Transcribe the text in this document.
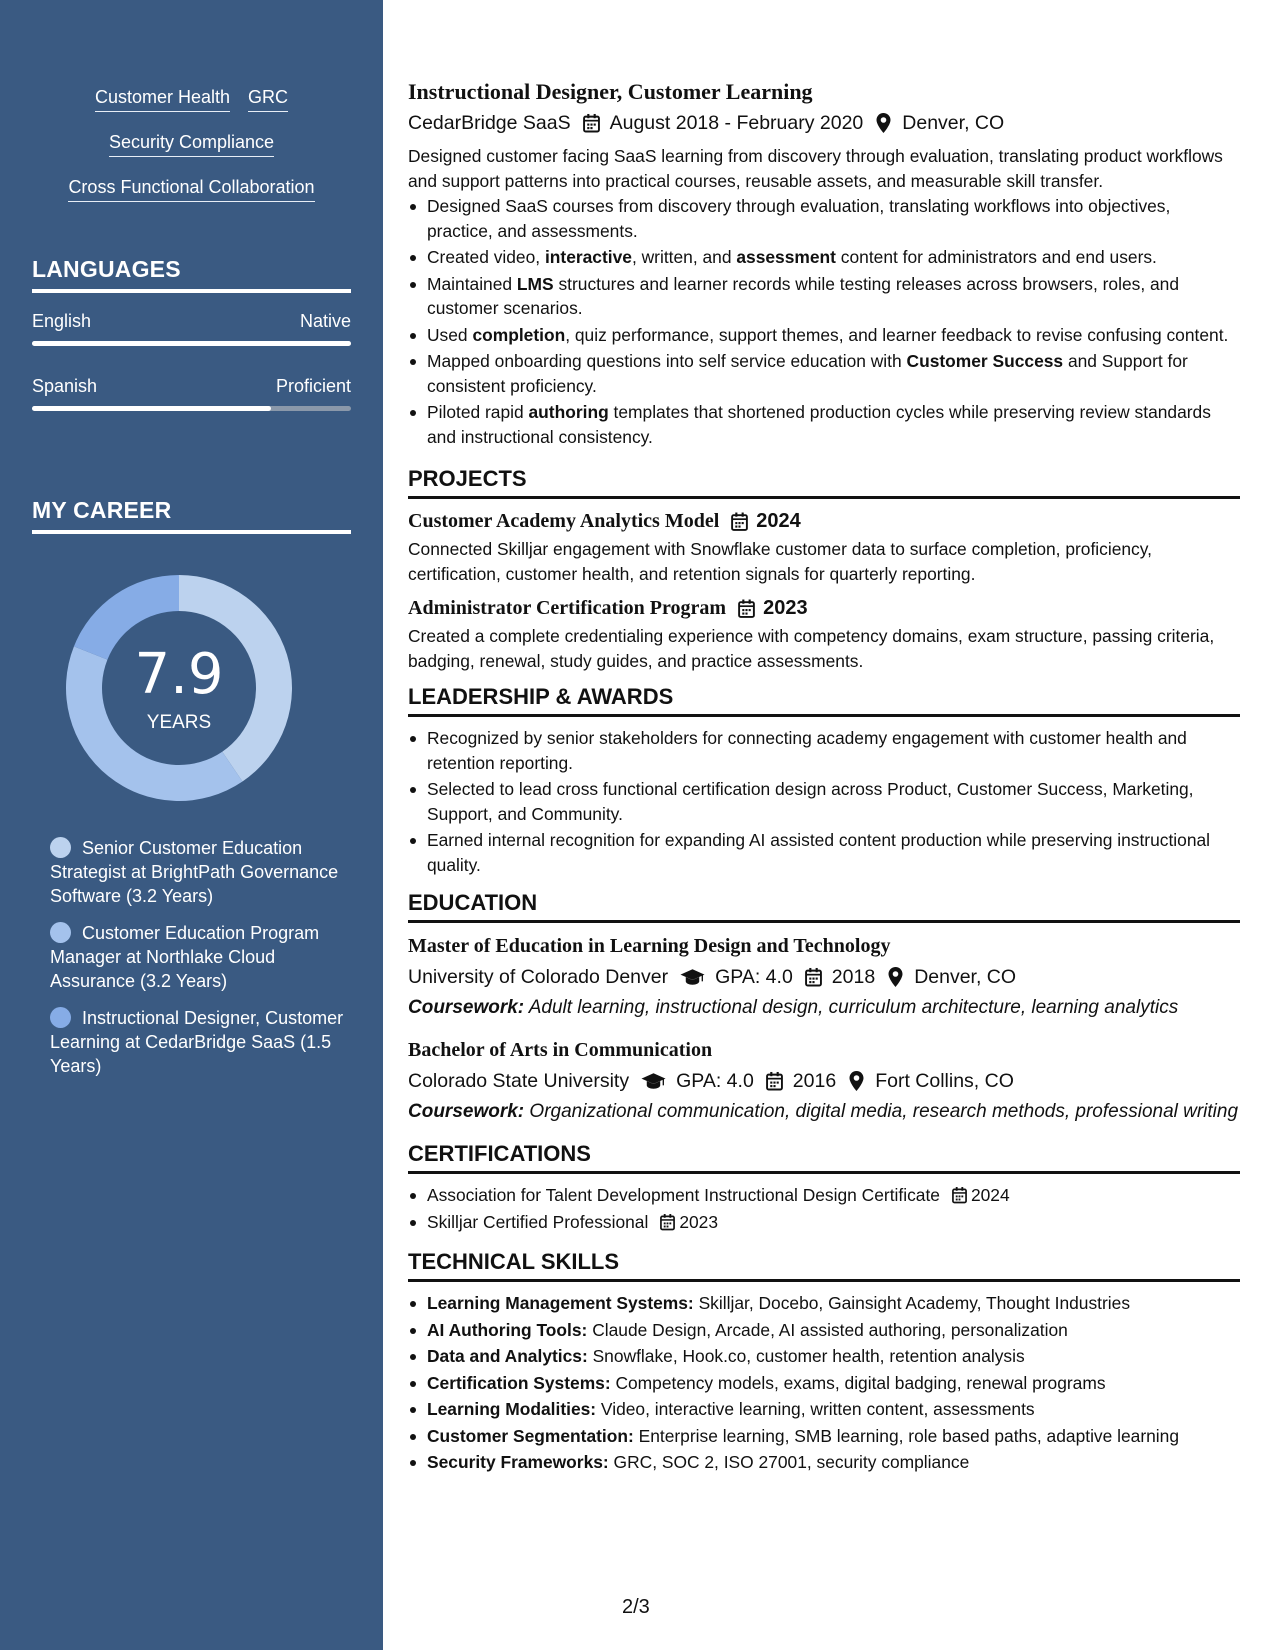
Customer Health GRC
Security Compliance
Cross Functional Collaboration
LANGUAGES
English	Native
Spanish	Proficient
MY CAREER
7.9
YEARS
Senior Customer Education Strategist at BrightPath Governance Software (3.2 Years)
Customer Education Program Manager at Northlake Cloud Assurance (3.2 Years)
Instructional Designer, Customer Learning at CedarBridge SaaS (1.5 Years)
Instructional Designer, Customer Learning
CedarBridge SaaS August 2018 - February 2020 Denver, CO

Designed customer facing SaaS learning from discovery through evaluation, translating product workflows and support patterns into practical courses, reusable assets, and measurable skill transfer.

Designed SaaS courses from discovery through evaluation, translating workflows into objectives, practice, and assessments.
Created video, interactive, written, and assessment content for administrators and end users.
Maintained LMS structures and learner records while testing releases across browsers, roles, and customer scenarios.
Used completion, quiz performance, support themes, and learner feedback to revise confusing content.
Mapped onboarding questions into self service education with Customer Success and Support for consistent proficiency.
Piloted rapid authoring templates that shortened production cycles while preserving review standards and instructional consistency.
PROJECTS
Customer Academy Analytics Model 2024

Connected Skilljar engagement with Snowflake customer data to surface completion, proficiency, certification, customer health, and retention signals for quarterly reporting.

Administrator Certification Program 2023

Created a complete credentialing experience with competency domains, exam structure, passing criteria, badging, renewal, study guides, and practice assessments.

LEADERSHIP & AWARDS
Recognized by senior stakeholders for connecting academy engagement with customer health and retention reporting.
Selected to lead cross functional certification design across Product, Customer Success, Marketing, Support, and Community.
Earned internal recognition for expanding AI assisted content production while preserving instructional quality.
EDUCATION
Master of Education in Learning Design and Technology
University of Colorado Denver GPA: 4.0 2018 Denver, CO
Coursework: Adult learning, instructional design, curriculum architecture, learning analytics
Bachelor of Arts in Communication
Colorado State University GPA: 4.0 2016 Fort Collins, CO
Coursework: Organizational communication, digital media, research methods, professional writing
CERTIFICATIONS
Association for Talent Development Instructional Design Certificate 2024
Skilljar Certified Professional 2023
TECHNICAL SKILLS
Learning Management Systems: Skilljar, Docebo, Gainsight Academy, Thought Industries
AI Authoring Tools: Claude Design, Arcade, AI assisted authoring, personalization
Data and Analytics: Snowflake, Hook.co, customer health, retention analysis
Certification Systems: Competency models, exams, digital badging, renewal programs
Learning Modalities: Video, interactive learning, written content, assessments
Customer Segmentation: Enterprise learning, SMB learning, role based paths, adaptive learning
Security Frameworks: GRC, SOC 2, ISO 27001, security compliance
2/3
